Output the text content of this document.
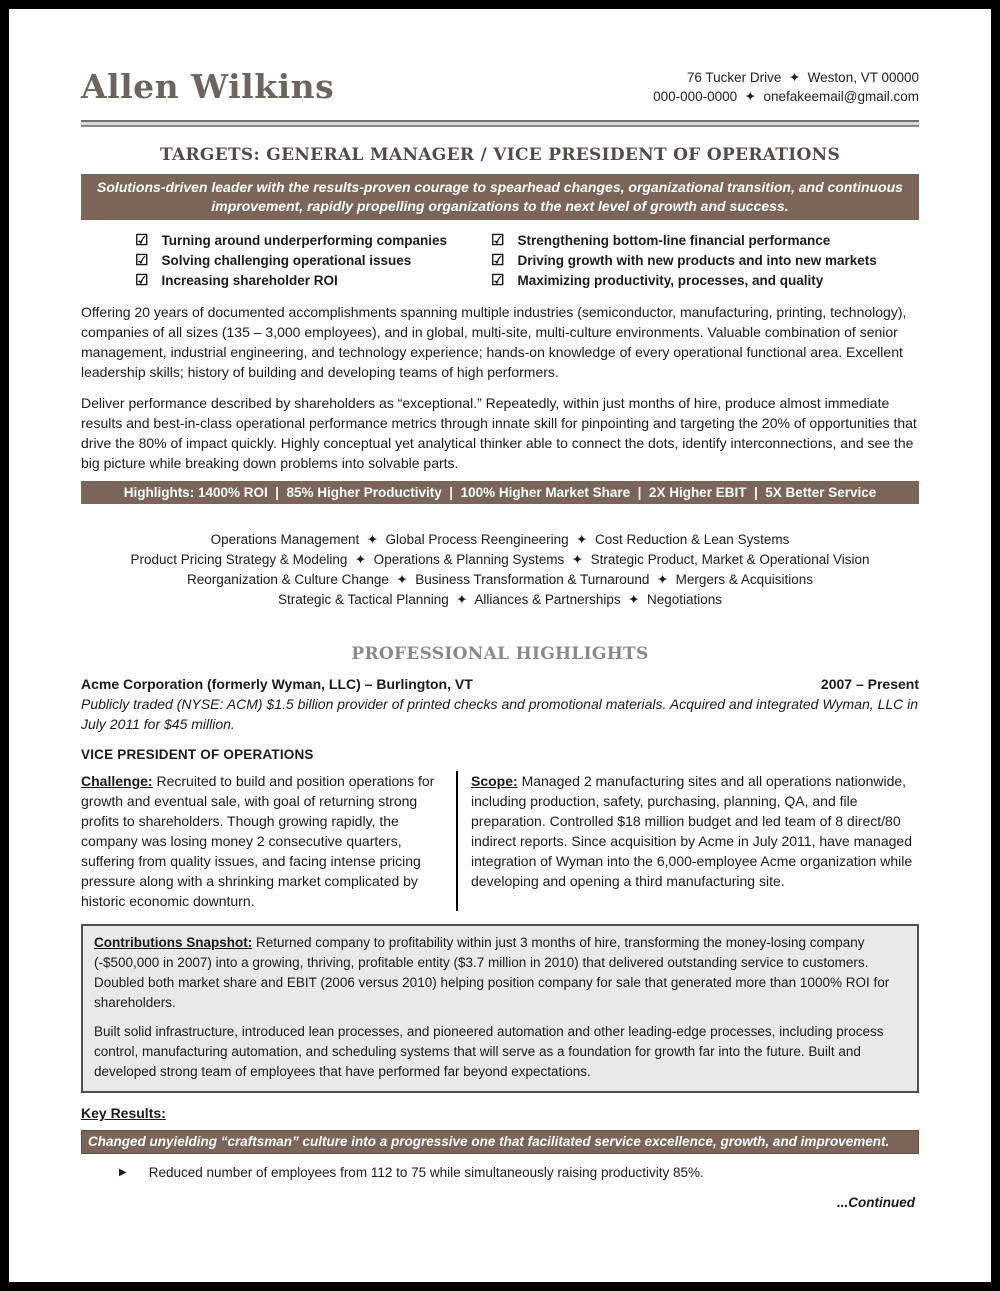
Allen Wilkins	76 Tucker Drive  ✦  Weston, VT 00000
000-000-0000  ✦  onefakeemail@gmail.com
TARGETS: GENERAL MANAGER / VICE PRESIDENT OF OPERATIONS
Solutions-driven leader with the results-proven courage to spearhead changes, organizational transition, and continuous improvement, rapidly propelling organizations to the next level of growth and success.
☑ Turning around underperforming companies
☑ Solving challenging operational issues
☑ Increasing shareholder ROI
☑ Strengthening bottom-line financial performance
☑ Driving growth with new products and into new markets
☑ Maximizing productivity, processes, and quality
Offering 20 years of documented accomplishments spanning multiple industries (semiconductor, manufacturing, printing, technology), companies of all sizes (135 – 3,000 employees), and in global, multi-site, multi-culture environments. Valuable combination of senior management, industrial engineering, and technology experience; hands-on knowledge of every operational functional area. Excellent leadership skills; history of building and developing teams of high performers.
Deliver performance described by shareholders as “exceptional.” Repeatedly, within just months of hire, produce almost immediate results and best-in-class operational performance metrics through innate skill for pinpointing and targeting the 20% of opportunities that drive the 80% of impact quickly. Highly conceptual yet analytical thinker able to connect the dots, identify interconnections, and see the big picture while breaking down problems into solvable parts.
Highlights: 1400% ROI  |  85% Higher Productivity  |  100% Higher Market Share  |  2X Higher EBIT  |  5X Better Service
Operations Management  ✦  Global Process Reengineering  ✦  Cost Reduction & Lean Systems
Product Pricing Strategy & Modeling  ✦  Operations & Planning Systems  ✦  Strategic Product, Market & Operational Vision
Reorganization & Culture Change  ✦  Business Transformation & Turnaround  ✦  Mergers & Acquisitions
Strategic & Tactical Planning  ✦  Alliances & Partnerships  ✦  Negotiations
PROFESSIONAL HIGHLIGHTS
Acme Corporation (formerly Wyman, LLC) – Burlington, VT	2007 – Present
Publicly traded (NYSE: ACM) $1.5 billion provider of printed checks and promotional materials. Acquired and integrated Wyman, LLC in July 2011 for $45 million.
VICE PRESIDENT OF OPERATIONS
Challenge: Recruited to build and position operations for growth and eventual sale, with goal of returning strong profits to shareholders. Though growing rapidly, the company was losing money 2 consecutive quarters, suffering from quality issues, and facing intense pricing pressure along with a shrinking market complicated by historic economic downturn.
Scope: Managed 2 manufacturing sites and all operations nationwide, including production, safety, purchasing, planning, QA, and file preparation. Controlled $18 million budget and led team of 8 direct/80 indirect reports. Since acquisition by Acme in July 2011, have managed integration of Wyman into the 6,000-employee Acme organization while developing and opening a third manufacturing site.
Contributions Snapshot: Returned company to profitability within just 3 months of hire, transforming the money-losing company (-$500,000 in 2007) into a growing, thriving, profitable entity ($3.7 million in 2010) that delivered outstanding service to customers. Doubled both market share and EBIT (2006 versus 2010) helping position company for sale that generated more than 1000% ROI for shareholders.
Built solid infrastructure, introduced lean processes, and pioneered automation and other leading-edge processes, including process control, manufacturing automation, and scheduling systems that will serve as a foundation for growth far into the future. Built and developed strong team of employees that have performed far beyond expectations.
Key Results:
Changed unyielding “craftsman” culture into a progressive one that facilitated service excellence, growth, and improvement.
▶ Reduced number of employees from 112 to 75 while simultaneously raising productivity 85%.
...Continued
